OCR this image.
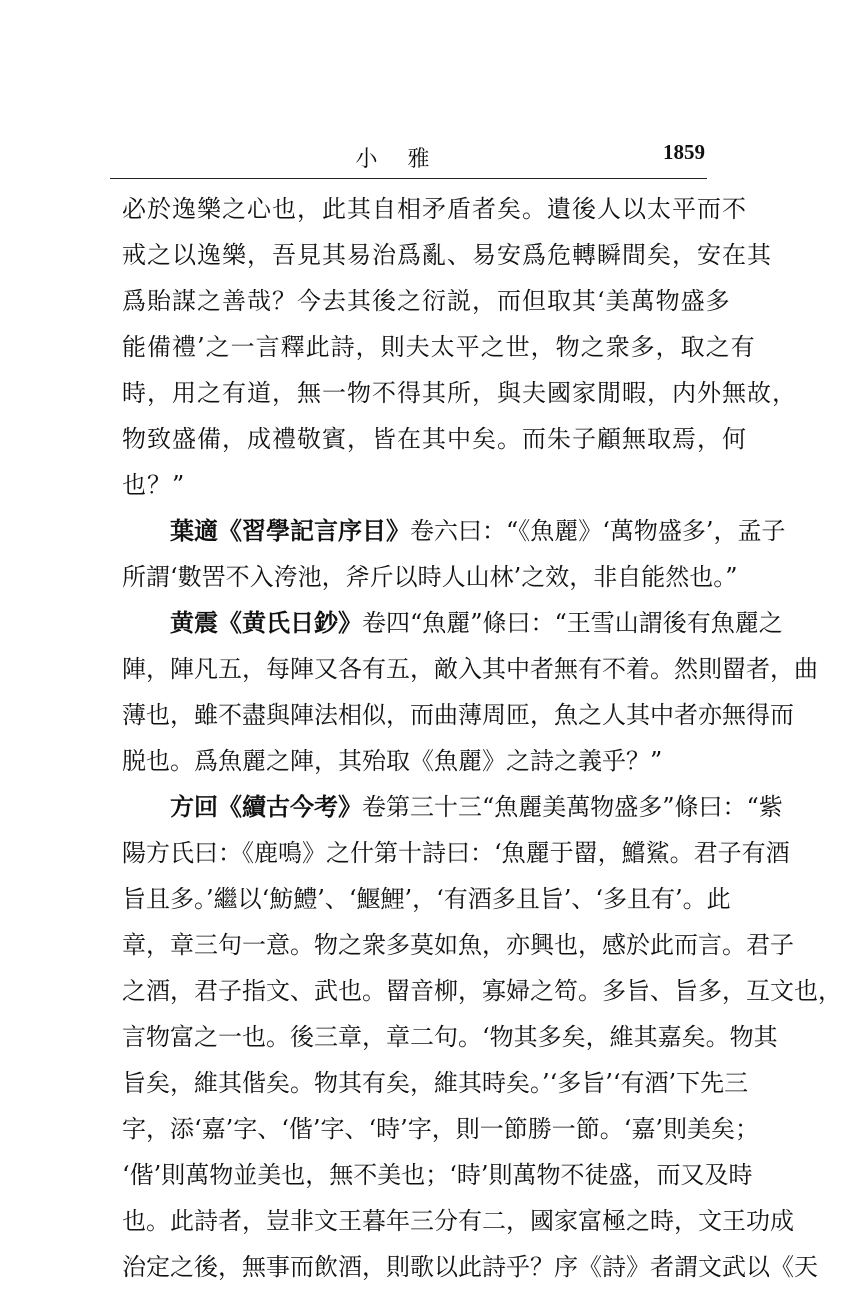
小雅	1859
必於逸樂之心也，此其自相矛盾者矣。遺後人以太平而不
戒之以逸樂，吾見其易治爲亂、易安爲危轉瞬間矣，安在其
爲貽謀之善哉？今去其後之衍説，而但取其‘美萬物盛多
能備禮’之一言釋此詩，則夫太平之世，物之衆多，取之有
時，用之有道，無一物不得其所，與夫國家閒暇，内外無故，
物致盛備，成禮敬賓，皆在其中矣。而朱子顧無取焉，何
也？”
葉適《習學記言序目》卷六曰：“《魚麗》‘萬物盛多’，孟子
所謂‘數罟不入洿池，斧斤以時人山林’之效，非自能然也。”
黄震《黄氏日鈔》卷四“魚麗”條曰：“王雪山謂後有魚麗之
陣，陣凡五，每陣又各有五，敵入其中者無有不着。然則罶者，曲
薄也，雖不盡與陣法相似，而曲薄周匝，魚之人其中者亦無得而
脱也。爲魚麗之陣，其殆取《魚麗》之詩之義乎？”
方回《續古今考》卷第三十三“魚麗美萬物盛多”條曰：“紫
陽方氏曰：《鹿鳴》之什第十詩曰：‘魚麗于罶，鱨鯊。君子有酒
旨且多。’繼以‘魴鱧’、‘鰋鯉’，‘有酒多且旨’、‘多且有’。此
章，章三句一意。物之衆多莫如魚，亦興也，感於此而言。君子
之酒，君子指文、武也。罶音柳，寡婦之笱。多旨、旨多，互文也，
言物富之一也。後三章，章二句。‘物其多矣，維其嘉矣。物其
旨矣，維其偕矣。物其有矣，維其時矣。’‘多旨’‘有酒’下先三
字，添‘嘉’字、‘偕’字、‘時’字，則一節勝一節。‘嘉’則美矣；
‘偕’則萬物並美也，無不美也；‘時’則萬物不徒盛，而又及時
也。此詩者，豈非文王暮年三分有二，國家富極之時，文王功成
治定之後，無事而飲酒，則歌以此詩乎？序《詩》者謂文武以《天
